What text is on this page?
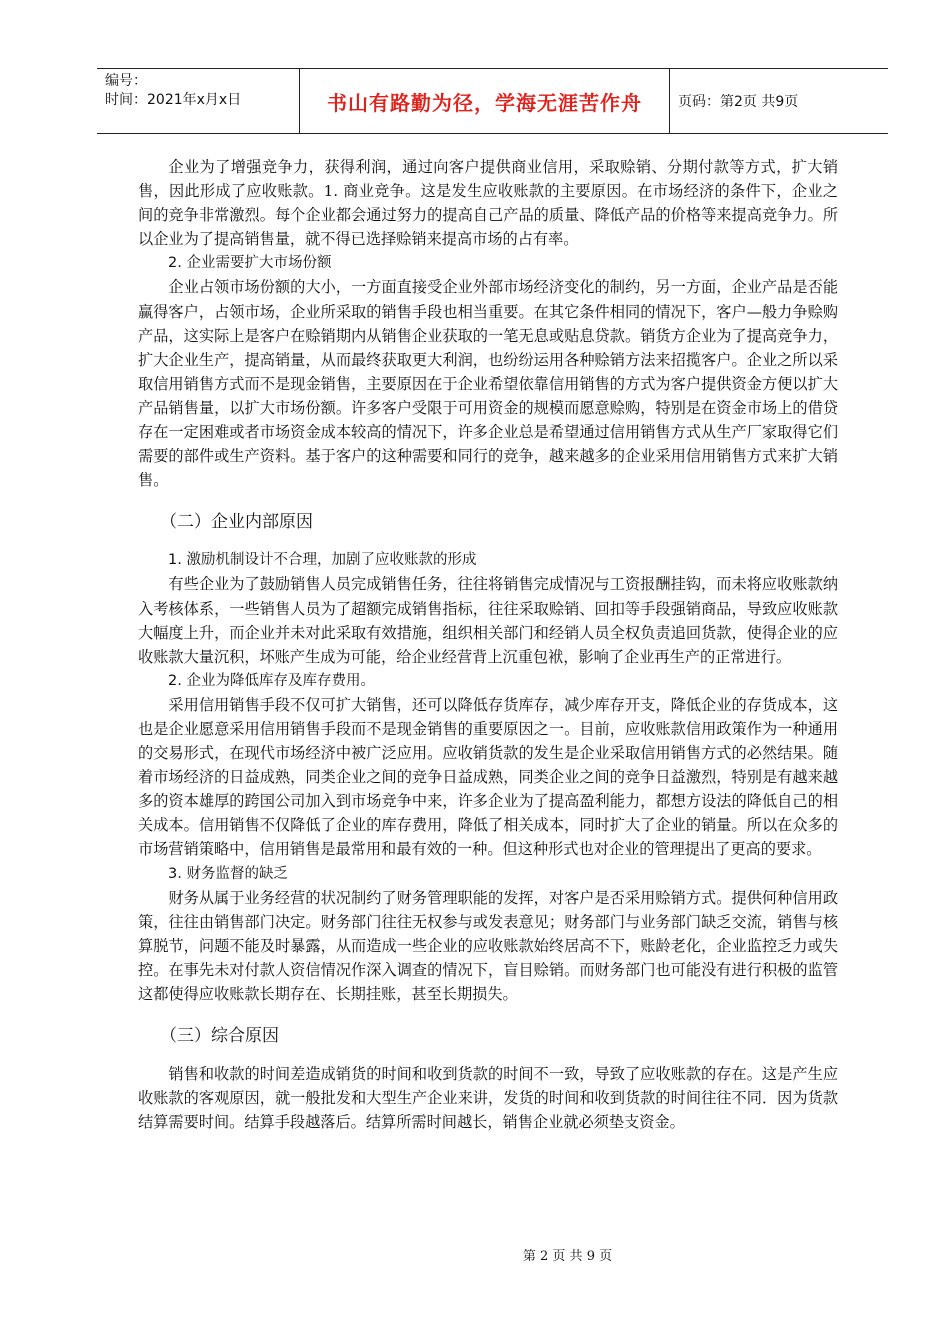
编号：
时间：2021年x月x日	书山有路勤为径，学海无涯苦作舟	页码：第2页 共9页

企业为了增强竞争力，获得利润，通过向客户提供商业信用，采取赊销、分期付款等方式，扩大销售，因此形成了应收账款。1. 商业竞争。这是发生应收账款的主要原因。在市场经济的条件下，企业之间的竞争非常激烈。每个企业都会通过努力的提高自己产品的质量、降低产品的价格等来提高竞争力。所以企业为了提高销售量，就不得已选择赊销来提高市场的占有率。

2. 企业需要扩大市场份额

企业占领市场份额的大小，一方面直接受企业外部市场经济变化的制约，另一方面，企业产品是否能赢得客户，占领市场，企业所采取的销售手段也相当重要。在其它条件相同的情况下，客户—般力争赊购产品，这实际上是客户在赊销期内从销售企业获取的一笔无息或贴息贷款。销货方企业为了提高竞争力，扩大企业生产，提高销量，从而最终获取更大利润，也纷纷运用各种赊销方法来招揽客户。企业之所以采取信用销售方式而不是现金销售，主要原因在于企业希望依靠信用销售的方式为客户提供资金方便以扩大产品销售量，以扩大市场份额。许多客户受限于可用资金的规模而愿意赊购，特别是在资金市场上的借贷存在一定困难或者市场资金成本较高的情况下，许多企业总是希望通过信用销售方式从生产厂家取得它们需要的部件或生产资料。基于客户的这种需要和同行的竞争，越来越多的企业采用信用销售方式来扩大销售。

（二）企业内部原因

1. 激励机制设计不合理，加剧了应收账款的形成

有些企业为了鼓励销售人员完成销售任务，往往将销售完成情况与工资报酬挂钩，而未将应收账款纳入考核体系，一些销售人员为了超额完成销售指标，往往采取赊销、回扣等手段强销商品，导致应收账款大幅度上升，而企业并未对此采取有效措施，组织相关部门和经销人员全权负责追回货款，使得企业的应收账款大量沉积，坏账产生成为可能，给企业经营背上沉重包袱，影响了企业再生产的正常进行。

2. 企业为降低库存及库存费用。

采用信用销售手段不仅可扩大销售，还可以降低存货库存，减少库存开支，降低企业的存货成本，这也是企业愿意采用信用销售手段而不是现金销售的重要原因之一。目前，应收账款信用政策作为一种通用的交易形式，在现代市场经济中被广泛应用。应收销货款的发生是企业采取信用销售方式的必然结果。随着市场经济的日益成熟，同类企业之间的竞争日益成熟，同类企业之间的竞争日益激烈，特别是有越来越多的资本雄厚的跨国公司加入到市场竞争中来，许多企业为了提高盈利能力，都想方设法的降低自己的相关成本。信用销售不仅降低了企业的库存费用，降低了相关成本，同时扩大了企业的销量。所以在众多的市场营销策略中，信用销售是最常用和最有效的一种。但这种形式也对企业的管理提出了更高的要求。

3. 财务监督的缺乏

财务从属于业务经营的状况制约了财务管理职能的发挥，对客户是否采用赊销方式。提供何种信用政策，往往由销售部门决定。财务部门往往无权参与或发表意见；财务部门与业务部门缺乏交流，销售与核算脱节，问题不能及时暴露，从而造成一些企业的应收账款始终居高不下，账龄老化，企业监控乏力或失控。在事先未对付款人资信情况作深入调查的情况下，盲目赊销。而财务部门也可能没有进行积极的监管这都使得应收账款长期存在、长期挂账，甚至长期损失。

（三）综合原因

销售和收款的时间差造成销货的时间和收到货款的时间不一致，导致了应收账款的存在。这是产生应收账款的客观原因，就一般批发和大型生产企业来讲，发货的时间和收到货款的时间往往不同．因为货款结算需要时间。结算手段越落后。结算所需时间越长，销售企业就必须垫支资金。

第 2 页 共 9 页
